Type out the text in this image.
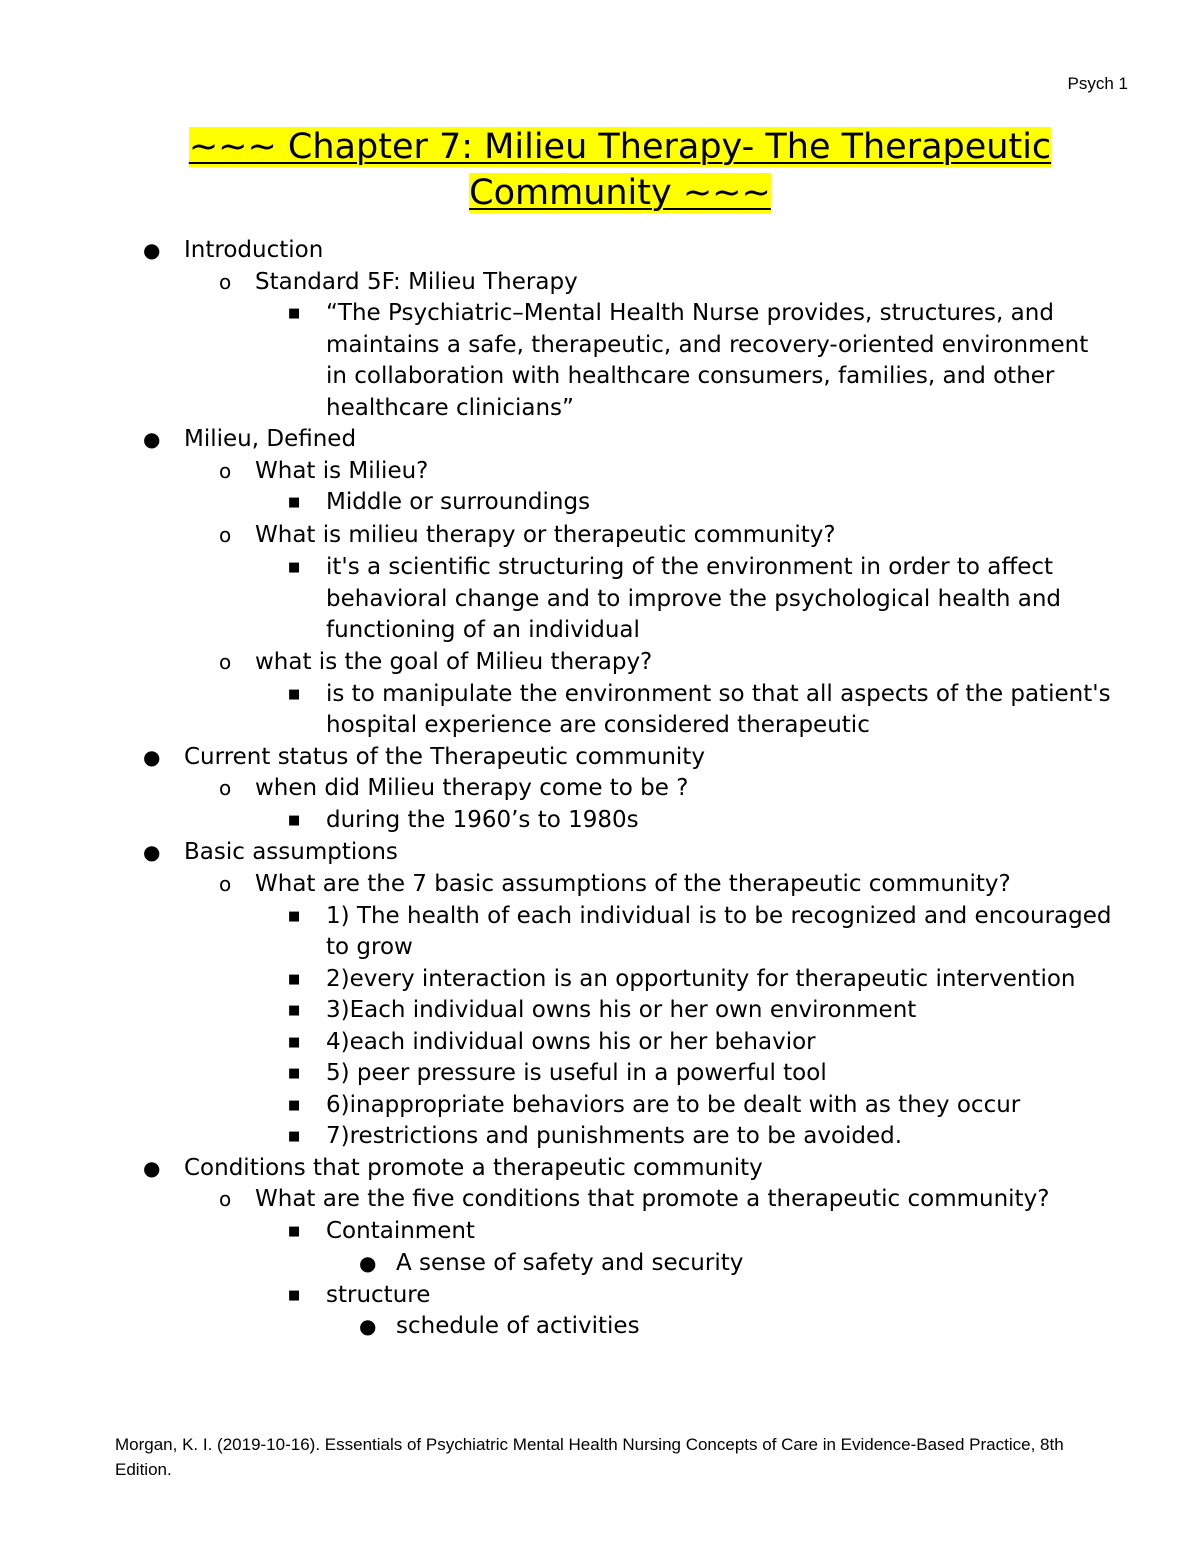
Psych 1
~~~ Chapter 7: Milieu Therapy- The Therapeutic Community ~~~
● Introduction
o Standard 5F: Milieu Therapy
■ “The Psychiatric–Mental Health Nurse provides, structures, and maintains a safe, therapeutic, and recovery-oriented environment in collaboration with healthcare consumers, families, and other healthcare clinicians”
● Milieu, Defined
o What is Milieu?
■ Middle or surroundings
o What is milieu therapy or therapeutic community?
■ it's a scientific structuring of the environment in order to affect behavioral change and to improve the psychological health and functioning of an individual
o what is the goal of Milieu therapy?
■ is to manipulate the environment so that all aspects of the patient's hospital experience are considered therapeutic
● Current status of the Therapeutic community
o when did Milieu therapy come to be ?
■ during the 1960’s to 1980s
● Basic assumptions
o What are the 7 basic assumptions of the therapeutic community?
■ 1) The health of each individual is to be recognized and encouraged to grow
■ 2)every interaction is an opportunity for therapeutic intervention
■ 3)Each individual owns his or her own environment
■ 4)each individual owns his or her behavior
■ 5) peer pressure is useful in a powerful tool
■ 6)inappropriate behaviors are to be dealt with as they occur
■ 7)restrictions and punishments are to be avoided.
● Conditions that promote a therapeutic community
o What are the five conditions that promote a therapeutic community?
■ Containment
● A sense of safety and security
■ structure
● schedule of activities
Morgan, K. I. (2019-10-16). Essentials of Psychiatric Mental Health Nursing Concepts of Care in Evidence-Based Practice, 8th Edition.
